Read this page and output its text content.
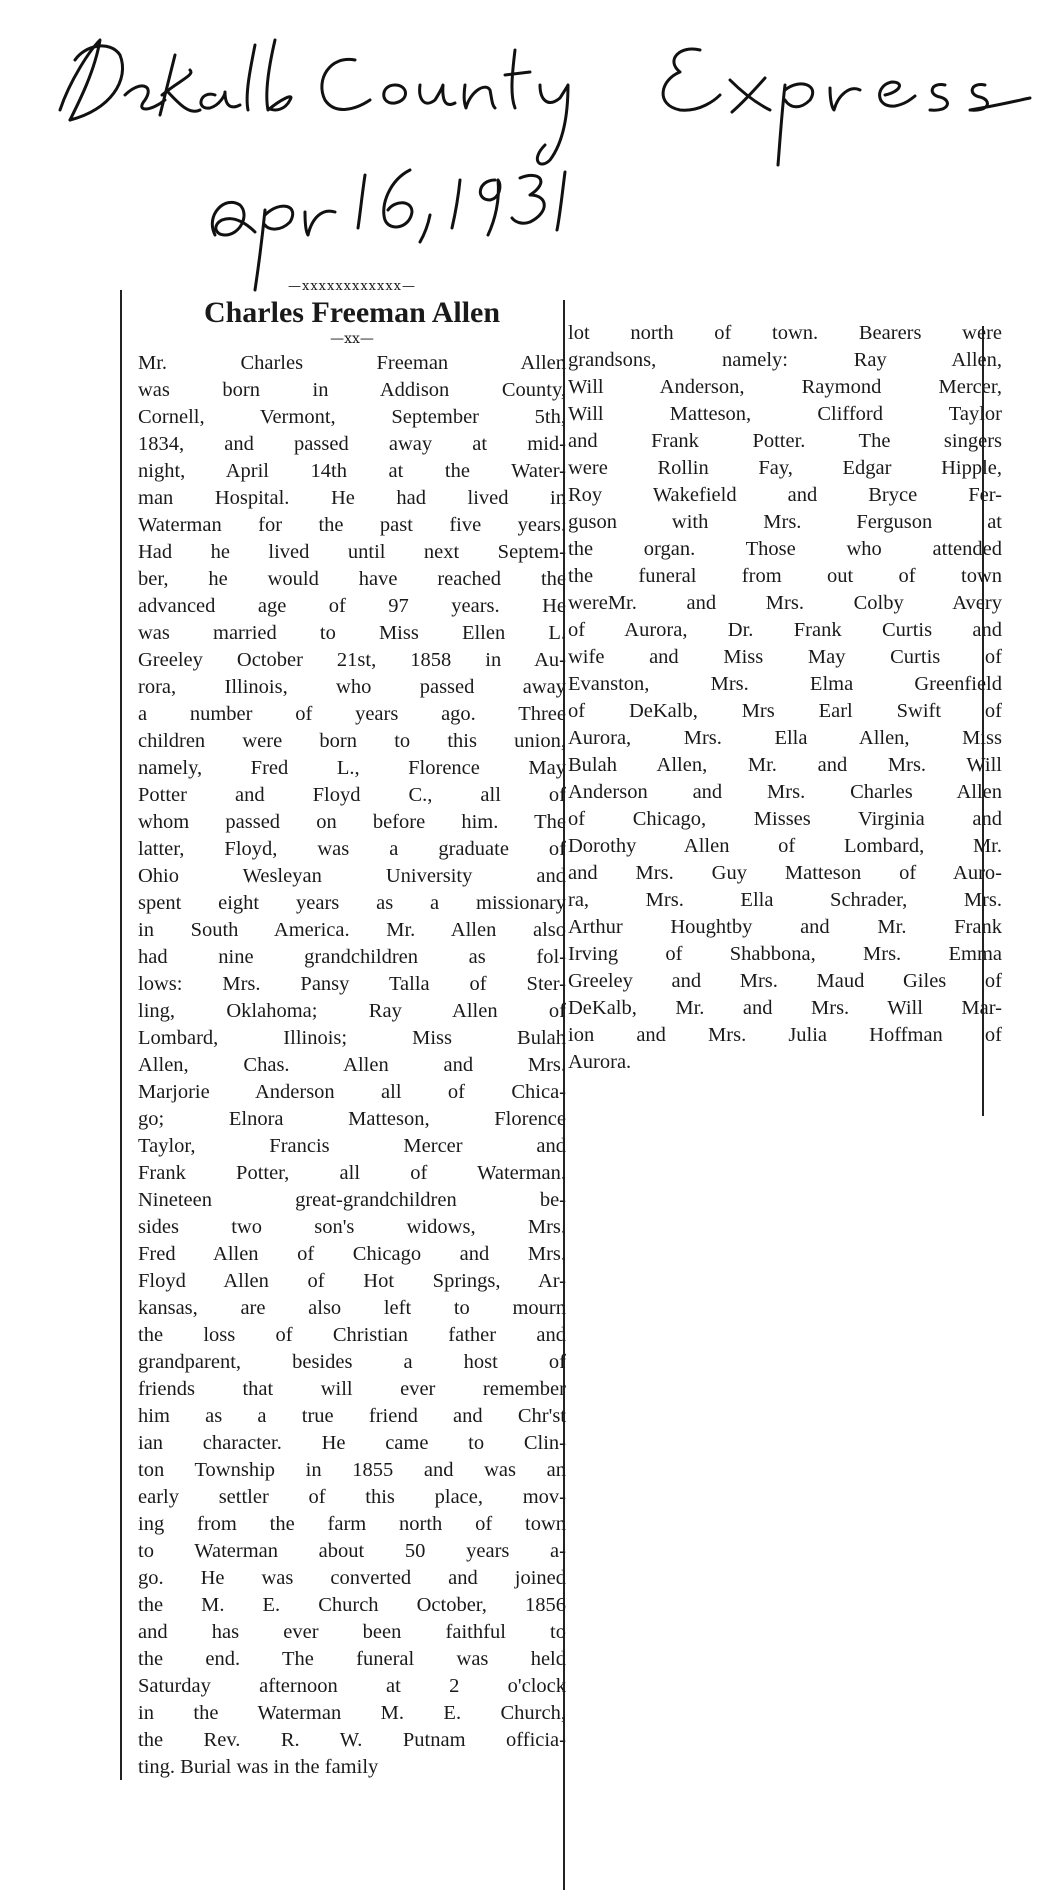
—xxxxxxxxxxxx—
Charles Freeman Allen
—xx—
Mr. Charles Freeman Allen
was born in Addison County,
Cornell, Vermont, September 5th,
1834, and passed away at mid-
night, April 14th at the Water-
man Hospital. He had lived in
Waterman for the past five years.
Had he lived until next Septem-
ber, he would have reached the
advanced age of 97 years. He
was married to Miss Ellen L.
Greeley October 21st, 1858 in Au-
rora, Illinois, who passed away
a number of years ago. Three
children were born to this union,
namely, Fred L., Florence May
Potter and Floyd C., all of
whom passed on before him. The
latter, Floyd, was a graduate of
Ohio Wesleyan University and
spent eight years as a missionary
in South America. Mr. Allen also
had nine grandchildren as fol-
lows: Mrs. Pansy Talla of Ster-
ling, Oklahoma; Ray Allen of
Lombard, Illinois; Miss Bulah
Allen, Chas. Allen and Mrs.
Marjorie Anderson all of Chica-
go; Elnora Matteson, Florence
Taylor, Francis Mercer and
Frank Potter, all of Waterman.
Nineteen great-grandchildren be-
sides two son's widows, Mrs.
Fred Allen of Chicago and Mrs.
Floyd Allen of Hot Springs, Ar-
kansas, are also left to mourn
the loss of Christian father and
grandparent, besides a host of
friends that will ever remember
him as a true friend and Chr'st
ian character. He came to Clin-
ton Township in 1855 and was an
early settler of this place, mov-
ing from the farm north of town
to Waterman about 50 years a-
go. He was converted and joined
the M. E. Church October, 1856
and has ever been faithful to
the end. The funeral was held
Saturday afternoon at 2 o'clock
in the Waterman M. E. Church,
the Rev. R. W. Putnam officia-
ting. Burial was in the family
lot north of town. Bearers were
grandsons, namely: Ray Allen,
Will Anderson, Raymond Mercer,
Will Matteson, Clifford Taylor
and Frank Potter. The singers
were Rollin Fay, Edgar Hipple,
Roy Wakefield and Bryce Fer-
guson with Mrs. Ferguson at
the organ. Those who attended
the funeral from out of town
wereMr. and Mrs. Colby Avery
of Aurora, Dr. Frank Curtis and
wife and Miss May Curtis of
Evanston, Mrs. Elma Greenfield
of DeKalb, Mrs Earl Swift of
Aurora, Mrs. Ella Allen, Miss
Bulah Allen, Mr. and Mrs. Will
Anderson and Mrs. Charles Allen
of Chicago, Misses Virginia and
Dorothy Allen of Lombard, Mr.
and Mrs. Guy Matteson of Auro-
ra, Mrs. Ella Schrader, Mrs.
Arthur Houghtby and Mr. Frank
Irving of Shabbona, Mrs. Emma
Greeley and Mrs. Maud Giles of
DeKalb, Mr. and Mrs. Will Mar-
ion and Mrs. Julia Hoffman of
Aurora.
